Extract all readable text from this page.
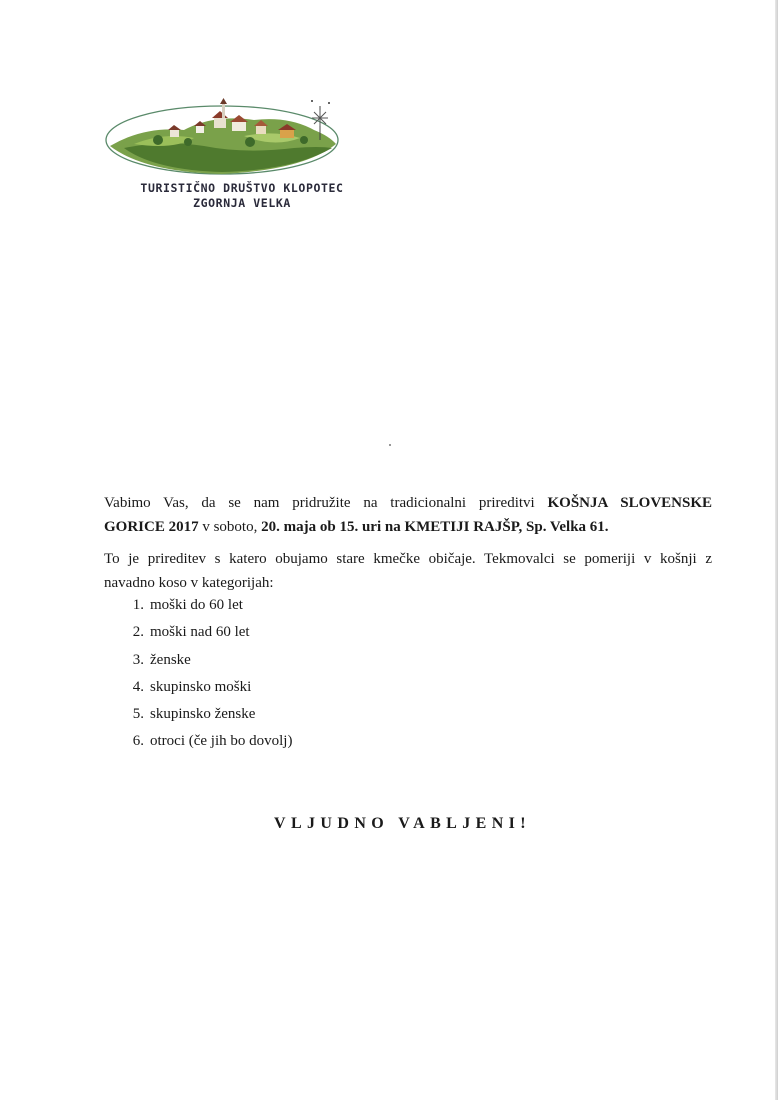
TURISTIČNO DRUŠTVO KLOPOTEC
ZGORNJA VELKA
Vabimo Vas, da se nam pridružite na tradicionalni prireditvi KOŠNJA SLOVENSKE
GORICE 2017 v soboto, 20. maja ob 15. uri na KMETIJI RAJŠP, Sp. Velka 61.
To je prireditev s katero obujamo stare kmečke običaje. Tekmovalci se pomeriji v košnji z
navadno koso v kategorijah:
1. moški do 60 let
2. moški nad 60 let
3. ženske
4. skupinsko moški
5. skupinsko ženske
6. otroci (če jih bo dovolj)
VLJUDNO VABLJENI!
